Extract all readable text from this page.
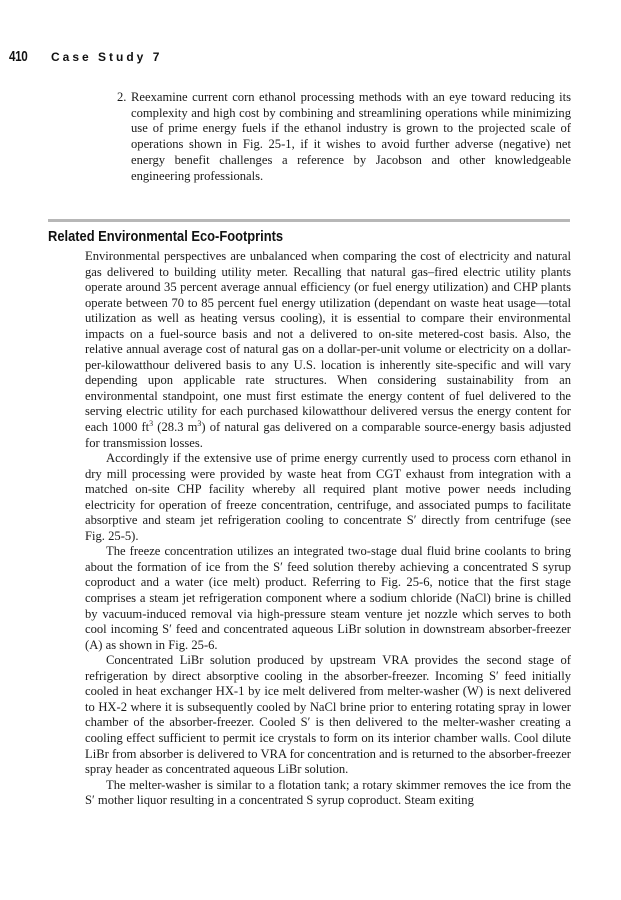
410 Case Study 7
2. Reexamine current corn ethanol processing methods with an eye toward reducing its complexity and high cost by combining and streamlining operations while minimizing use of prime energy fuels if the ethanol industry is grown to the projected scale of operations shown in Fig. 25-1, if it wishes to avoid further adverse (negative) net energy benefit challenges a reference by Jacobson and other knowledgeable engineering professionals.
Related Environmental Eco-Footprints

Environmental perspectives are unbalanced when comparing the cost of electricity and natural gas delivered to building utility meter. Recalling that natural gas–fired electric utility plants operate around 35 percent average annual efficiency (or fuel energy utilization) and CHP plants operate between 70 to 85 percent fuel energy utilization (dependant on waste heat usage—total utilization as well as heating versus cooling), it is essential to compare their environmental impacts on a fuel-source basis and not a delivered to on-site metered-cost basis. Also, the relative annual average cost of natural gas on a dollar-per-unit volume or electricity on a dollar-per-kilowatthour delivered basis to any U.S. location is inherently site-specific and will vary depending upon applicable rate structures. When considering sustainability from an environmental standpoint, one must first estimate the energy content of fuel delivered to the serving electric utility for each purchased kilowatthour delivered versus the energy content for each 1000 $ft^3$ (28.3 $m^3$) of natural gas delivered on a comparable source-energy basis adjusted for transmission losses.

Accordingly if the extensive use of prime energy currently used to process corn ethanol in dry mill processing were provided by waste heat from CGT exhaust from integration with a matched on-site CHP facility whereby all required plant motive power needs including electricity for operation of freeze concentration, centrifuge, and associated pumps to facilitate absorptive and steam jet refrigeration cooling to concentrate S′ directly from centrifuge (see Fig. 25-5).

The freeze concentration utilizes an integrated two-stage dual fluid brine coolants to bring about the formation of ice from the S′ feed solution thereby achieving a concentrated S syrup coproduct and a water (ice melt) product. Referring to Fig. 25-6, notice that the first stage comprises a steam jet refrigeration component where a sodium chloride (NaCl) brine is chilled by vacuum-induced removal via high-pressure steam venture jet nozzle which serves to both cool incoming S′ feed and concentrated aqueous LiBr solution in downstream absorber-freezer (A) as shown in Fig. 25-6.

Concentrated LiBr solution produced by upstream VRA provides the second stage of refrigeration by direct absorptive cooling in the absorber-freezer. Incoming S′ feed initially cooled in heat exchanger HX-1 by ice melt delivered from melter-washer (W) is next delivered to HX-2 where it is subsequently cooled by NaCl brine prior to entering rotating spray in lower chamber of the absorber-freezer. Cooled S′ is then delivered to the melter-washer creating a cooling effect sufficient to permit ice crystals to form on its interior chamber walls. Cool dilute LiBr from absorber is delivered to VRA for concentration and is returned to the absorber-freezer spray header as concentrated aqueous LiBr solution.

The melter-washer is similar to a flotation tank; a rotary skimmer removes the ice from the S′ mother liquor resulting in a concentrated S syrup coproduct. Steam exiting
